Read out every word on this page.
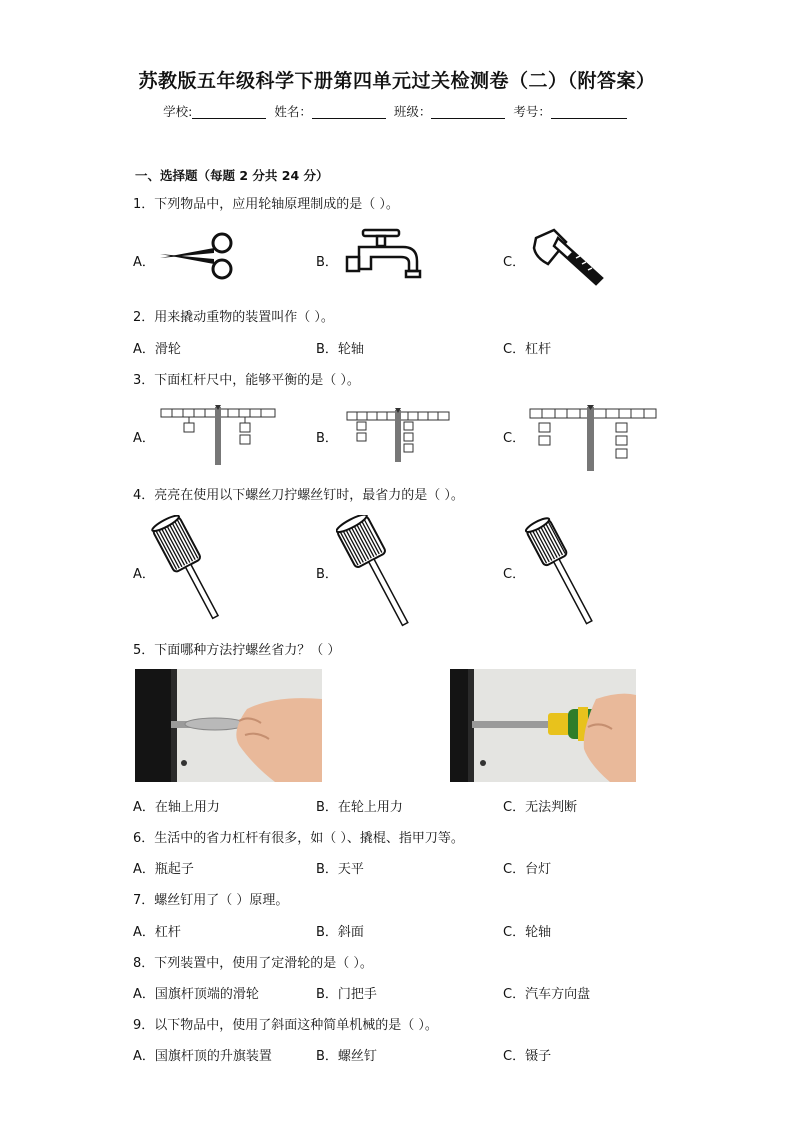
苏教版五年级科学下册第四单元过关检测卷（二）（附答案）
学校:	姓名：	班级：	考号：
一、选择题（每题 2 分共 24 分）
1．下列物品中，应用轮轴原理制成的是（ ）。
A．	B．	C．
2．用来撬动重物的装置叫作（ ）。
A．滑轮	B．轮轴	C．杠杆
3．下面杠杆尺中，能够平衡的是（ ）。
A．	B．	C．
4．亮亮在使用以下螺丝刀拧螺丝钉时，最省力的是（ ）。
A．	B．	C．
5．下面哪种方法拧螺丝省力？（ ）
A．在轴上用力	B．在轮上用力	C．无法判断
6．生活中的省力杠杆有很多，如（ ）、撬棍、指甲刀等。
A．瓶起子	B．天平	C．台灯
7．螺丝钉用了（ ）原理。
A．杠杆	B．斜面	C．轮轴
8．下列装置中，使用了定滑轮的是（ ）。
A．国旗杆顶端的滑轮	B．门把手	C．汽车方向盘
9．以下物品中，使用了斜面这种简单机械的是（ ）。
A．国旗杆顶的升旗装置	B．螺丝钉	C．镊子
